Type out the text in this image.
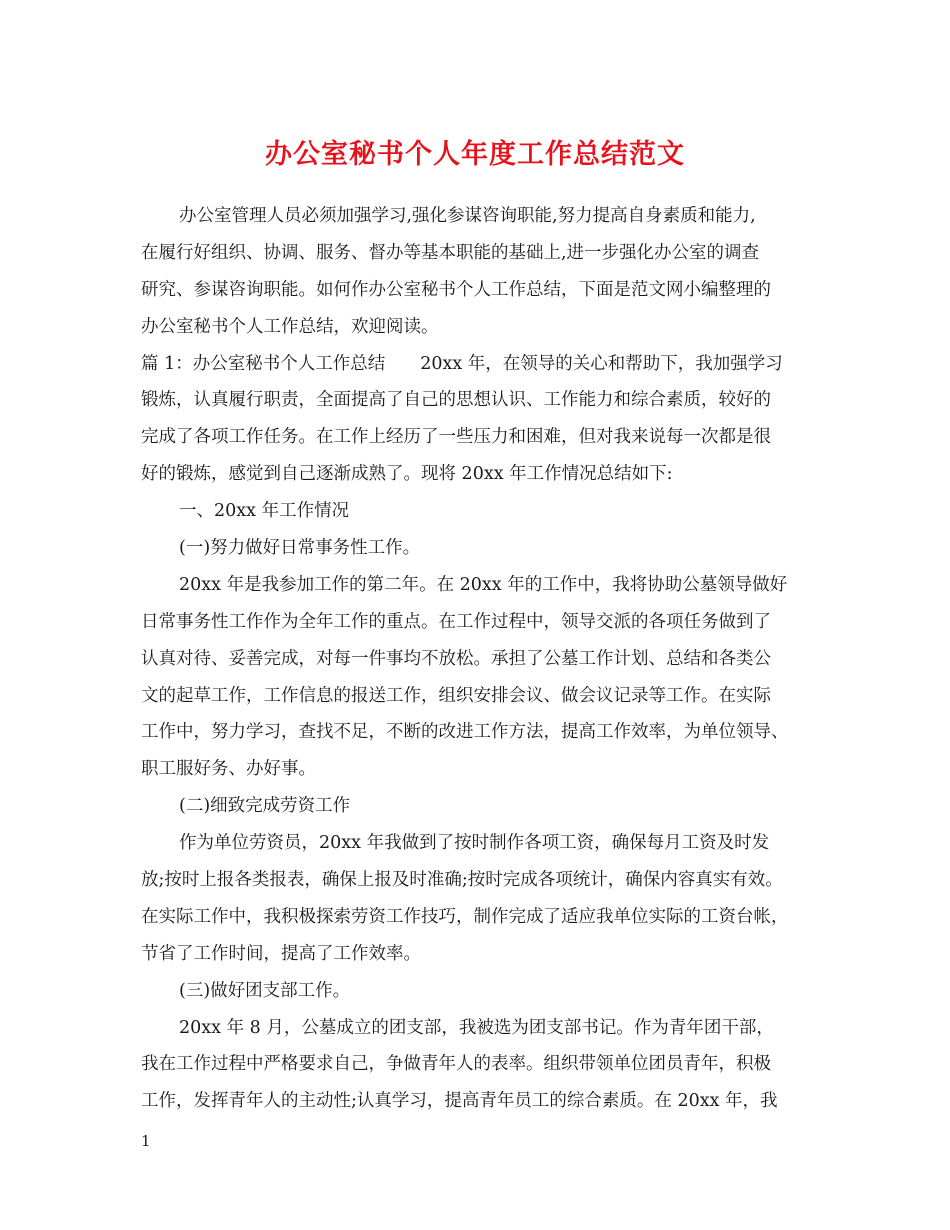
办公室秘书个人年度工作总结范文
办公室管理人员必须加强学习,强化参谋咨询职能,努力提高自身素质和能力,
在履行好组织、协调、服务、督办等基本职能的基础上,进一步强化办公室的调查
研究、参谋咨询职能。如何作办公室秘书个人工作总结，下面是范文网小编整理的
办公室秘书个人工作总结，欢迎阅读。
篇 1：办公室秘书个人工作总结　　20xx 年，在领导的关心和帮助下，我加强学习
锻炼，认真履行职责，全面提高了自己的思想认识、工作能力和综合素质，较好的
完成了各项工作任务。在工作上经历了一些压力和困难，但对我来说每一次都是很
好的锻炼，感觉到自己逐渐成熟了。现将 20xx 年工作情况总结如下:
一、20xx 年工作情况
(一)努力做好日常事务性工作。
20xx 年是我参加工作的第二年。在 20xx 年的工作中，我将协助公墓领导做好
日常事务性工作作为全年工作的重点。在工作过程中，领导交派的各项任务做到了
认真对待、妥善完成，对每一件事均不放松。承担了公墓工作计划、总结和各类公
文的起草工作，工作信息的报送工作，组织安排会议、做会议记录等工作。在实际
工作中，努力学习，查找不足，不断的改进工作方法，提高工作效率，为单位领导、
职工服好务、办好事。
(二)细致完成劳资工作
作为单位劳资员，20xx 年我做到了按时制作各项工资，确保每月工资及时发
放;按时上报各类报表，确保上报及时准确;按时完成各项统计，确保内容真实有效。
在实际工作中，我积极探索劳资工作技巧，制作完成了适应我单位实际的工资台帐，
节省了工作时间，提高了工作效率。
(三)做好团支部工作。
20xx 年 8 月，公墓成立的团支部，我被选为团支部书记。作为青年团干部，
我在工作过程中严格要求自己，争做青年人的表率。组织带领单位团员青年，积极
工作，发挥青年人的主动性;认真学习，提高青年员工的综合素质。在 20xx 年，我
1
